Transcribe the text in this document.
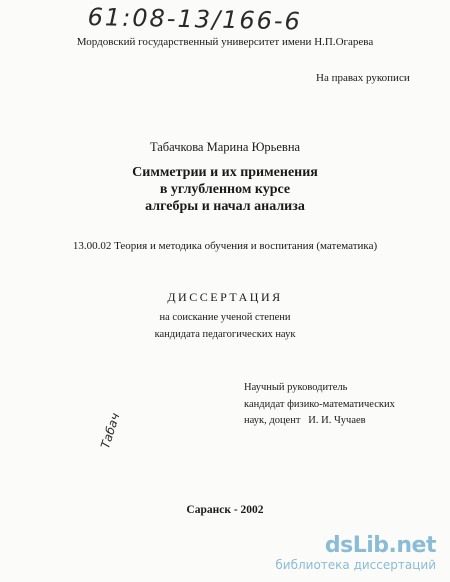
61:08-13/166-6
Мордовский государственный университет имени Н.П.Огарева
На правах рукописи
Табачкова Марина Юрьевна
Симметрии и их применения
в углубленном курсе
алгебры и начал анализа
13.00.02 Теория и методика обучения и воспитания (математика)
ДИССЕРТАЦИЯ
на соискание ученой степени
кандидата педагогических наук
Научный руководитель
кандидат физико-математических
наук, доцент   И. И. Чучаев
Табач
Саранск - 2002
dsLib.net
библиотека диссертаций
